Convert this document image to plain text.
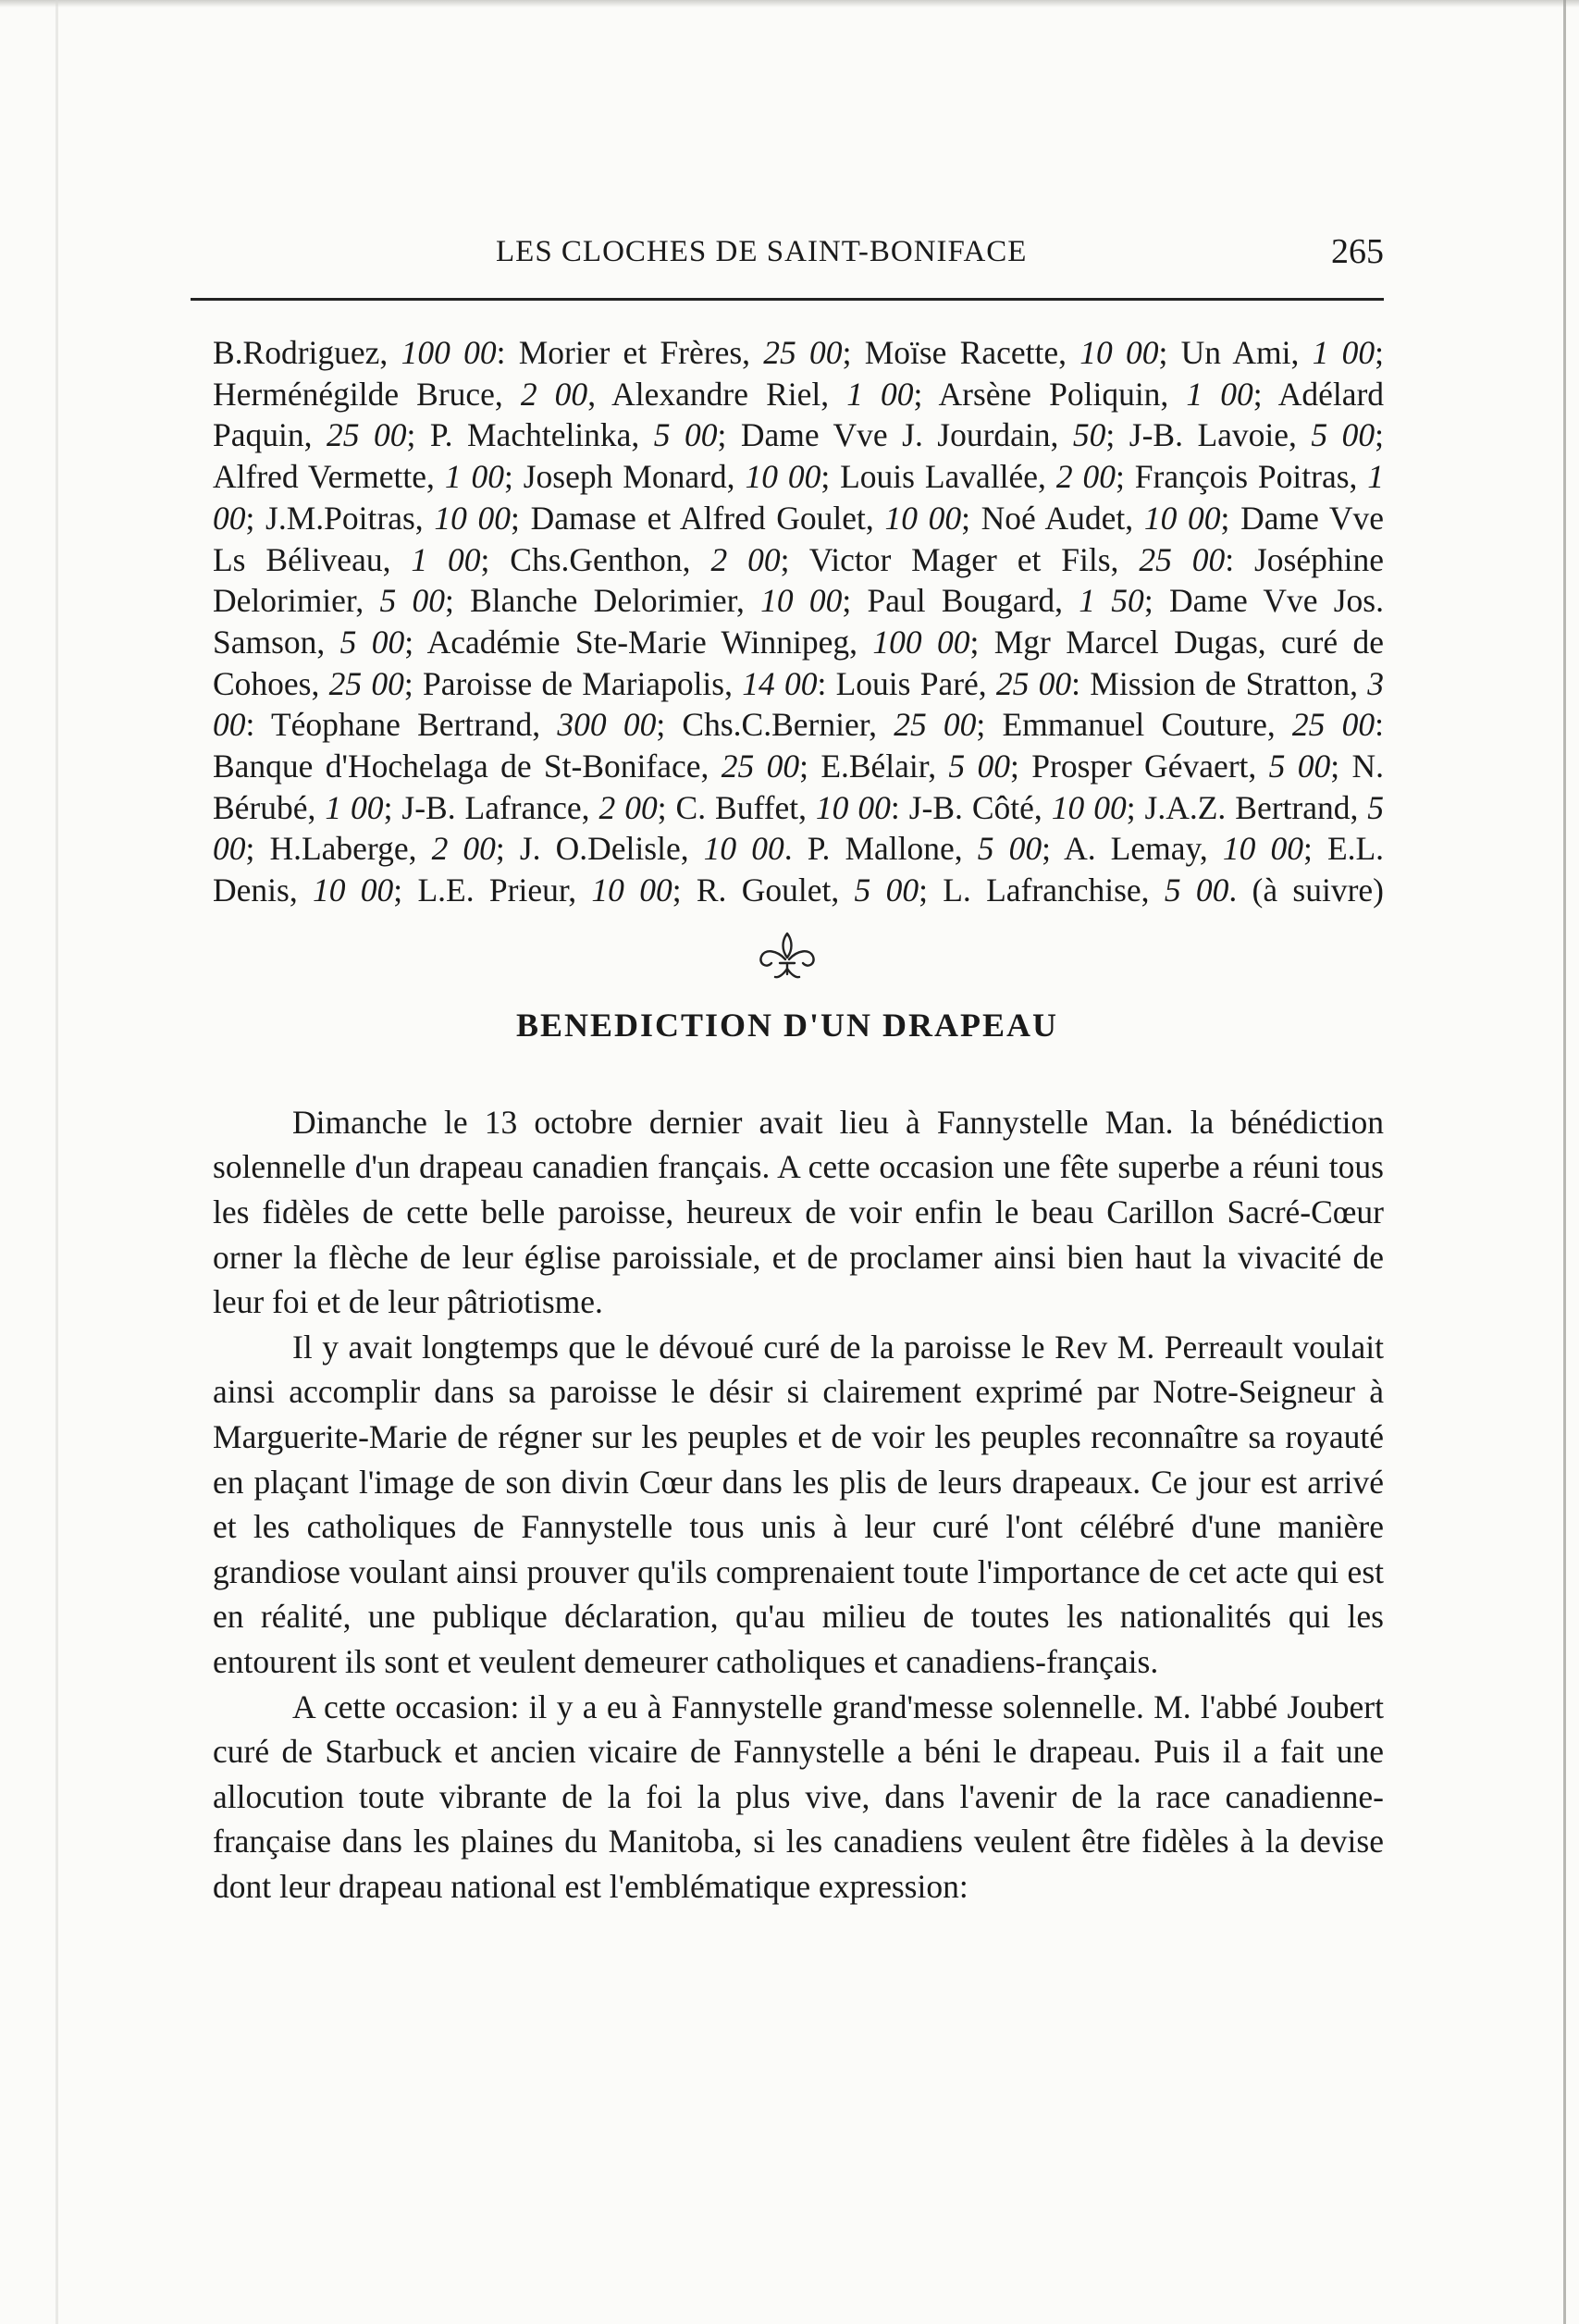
LES CLOCHES DE SAINT-BONIFACE	265

B.Rodriguez, 100 00: Morier et Frères, 25 00; Moïse Racette, 10 00; Un Ami, 1 00; Herménégilde Bruce, 2 00, Alexandre Riel, 1 00; Arsène Poliquin, 1 00; Adélard Paquin, 25 00; P. Machtelinka, 5 00; Dame Vve J. Jourdain, 50; J-B. Lavoie, 5 00; Alfred Vermette, 1 00; Joseph Monard, 10 00; Louis Lavallée, 2 00; François Poitras, 1 00; J.M.Poitras, 10 00; Damase et Alfred Goulet, 10 00; Noé Audet, 10 00; Dame Vve Ls Béliveau, 1 00; Chs.Genthon, 2 00; Victor Mager et Fils, 25 00: Joséphine Delorimier, 5 00; Blanche Delorimier, 10 00; Paul Bougard, 1 50; Dame Vve Jos. Samson, 5 00; Académie Ste-Marie Winnipeg, 100 00; Mgr Marcel Dugas, curé de Cohoes, 25 00; Paroisse de Mariapolis, 14 00: Louis Paré, 25 00: Mission de Stratton, 3 00: Téophane Bertrand, 300 00; Chs.C.Bernier, 25 00; Emmanuel Couture, 25 00: Banque d'Hochelaga de St-Boniface, 25 00; E.Bélair, 5 00; Prosper Gévaert, 5 00; N. Bérubé, 1 00; J-B. Lafrance, 2 00; C. Buffet, 10 00: J-B. Côté, 10 00; J.A.Z. Bertrand, 5 00; H.Laberge, 2 00; J. O.Delisle, 10 00. P. Mallone, 5 00; A. Lemay, 10 00; E.L. Denis, 10 00; L.E. Prieur, 10 00; R. Goulet, 5 00; L. Lafranchise, 5 00. (à suivre)

BENEDICTION D'UN DRAPEAU

Dimanche le 13 octobre dernier avait lieu à Fannystelle Man. la bénédiction solennelle d'un drapeau canadien français. A cette occasion une fête superbe a réuni tous les fidèles de cette belle paroisse, heureux de voir enfin le beau Carillon Sacré-Cœur orner la flèche de leur église paroissiale, et de proclamer ainsi bien haut la vivacité de leur foi et de leur pâtriotisme.

Il y avait longtemps que le dévoué curé de la paroisse le Rev M. Perreault voulait ainsi accomplir dans sa paroisse le désir si clairement exprimé par Notre-Seigneur à Marguerite-Marie de régner sur les peuples et de voir les peuples reconnaître sa royauté en plaçant l'image de son divin Cœur dans les plis de leurs drapeaux. Ce jour est arrivé et les catholiques de Fannystelle tous unis à leur curé l'ont célébré d'une manière grandiose voulant ainsi prouver qu'ils comprenaient toute l'importance de cet acte qui est en réalité, une publique déclaration, qu'au milieu de toutes les nationalités qui les entourent ils sont et veulent demeurer catholiques et canadiens-français.

A cette occasion: il y a eu à Fannystelle grand'messe solennelle. M. l'abbé Joubert curé de Starbuck et ancien vicaire de Fannystelle a béni le drapeau. Puis il a fait une allocution toute vibrante de la foi la plus vive, dans l'avenir de la race canadienne-française dans les plaines du Manitoba, si les canadiens veulent être fidèles à la devise dont leur drapeau national est l'emblématique expression:
